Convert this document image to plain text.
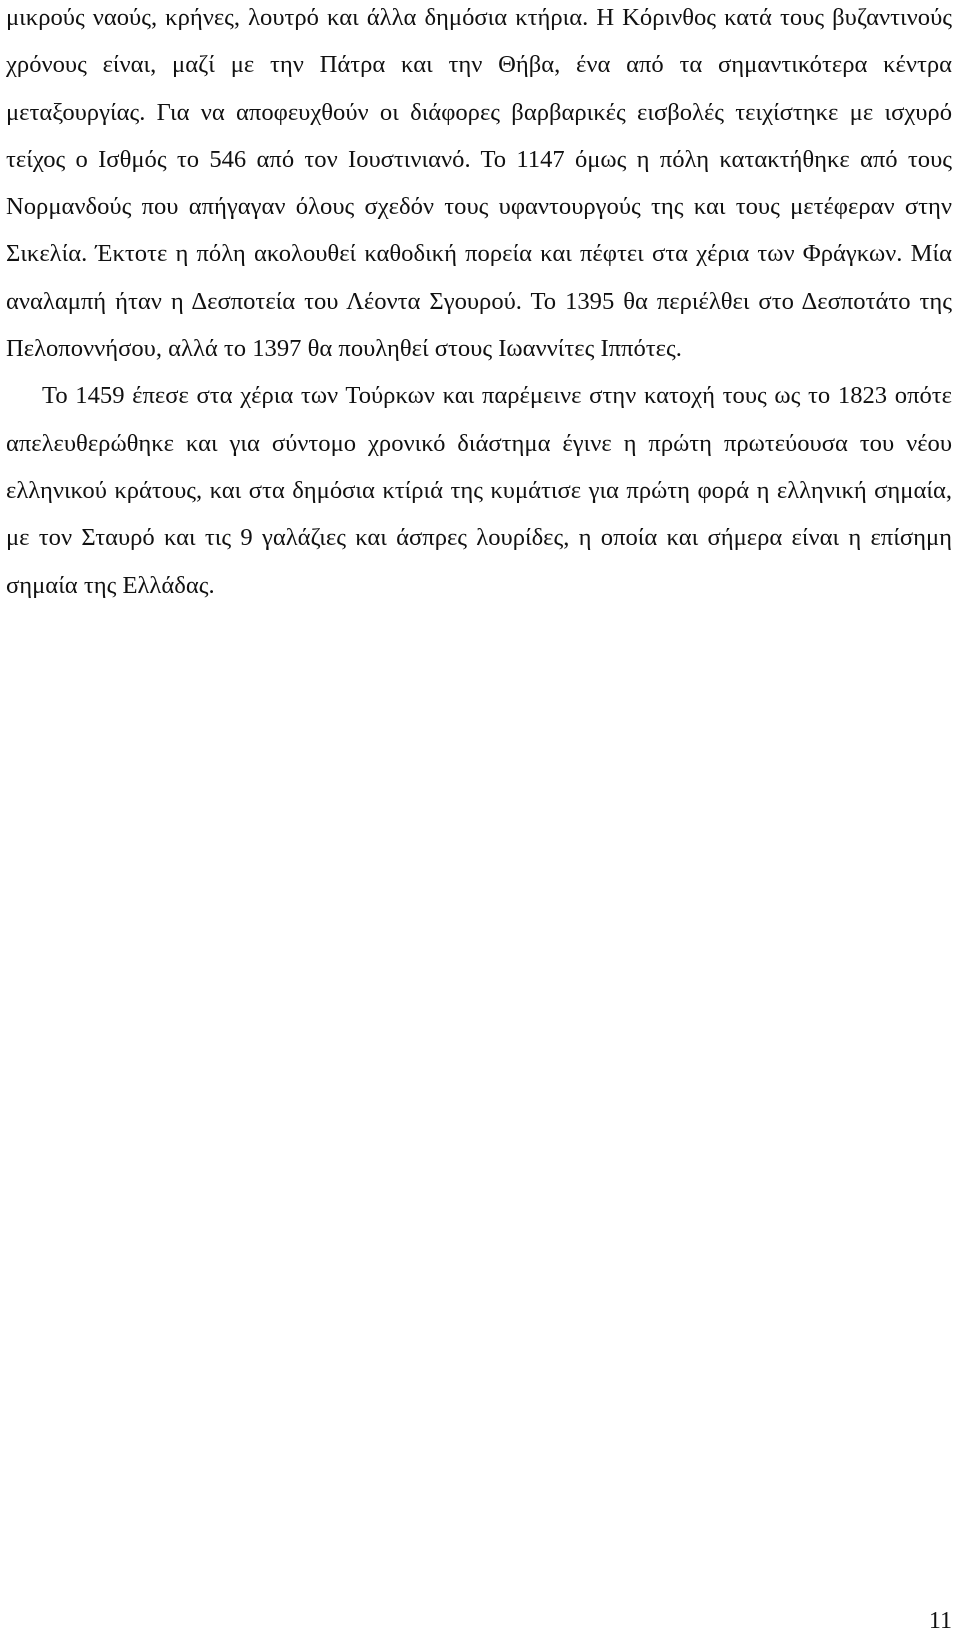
μικρούς ναούς, κρήνες, λουτρό και άλλα δημόσια κτήρια. Η Κόρινθος κατά τους βυζαντινούς χρόνους είναι, μαζί με την Πάτρα και την Θήβα, ένα από τα σημαντικότερα κέντρα μεταξουργίας. Για να αποφευχθούν οι διάφορες βαρβαρικές εισβολές τειχίστηκε με ισχυρό τείχος ο Ισθμός το 546 από τον Ιουστινιανό. Το 1147 όμως η πόλη κατακτήθηκε από τους Νορμανδούς που απήγαγαν όλους σχεδόν τους υφαντουργούς της και τους μετέφεραν στην Σικελία. Έκτοτε η πόλη ακολουθεί καθοδική πορεία και πέφτει στα χέρια των Φράγκων. Μία αναλαμπή ήταν η Δεσποτεία του Λέοντα Σγουρού. Το 1395 θα περιέλθει στο Δεσποτάτο της Πελοποννήσου, αλλά το 1397 θα πουληθεί στους Ιωαννίτες Ιππότες.

Το 1459 έπεσε στα χέρια των Τούρκων και παρέμεινε στην κατοχή τους ως το 1823 οπότε απελευθερώθηκε και για σύντομο χρονικό διάστημα έγινε η πρώτη πρωτεύουσα του νέου ελληνικού κράτους, και στα δημόσια κτίριά της κυμάτισε για πρώτη φορά η ελληνική σημαία, με τον Σταυρό και τις 9 γαλάζιες και άσπρες λουρίδες, η οποία και σήμερα είναι η επίσημη σημαία της Ελλάδας.

11
